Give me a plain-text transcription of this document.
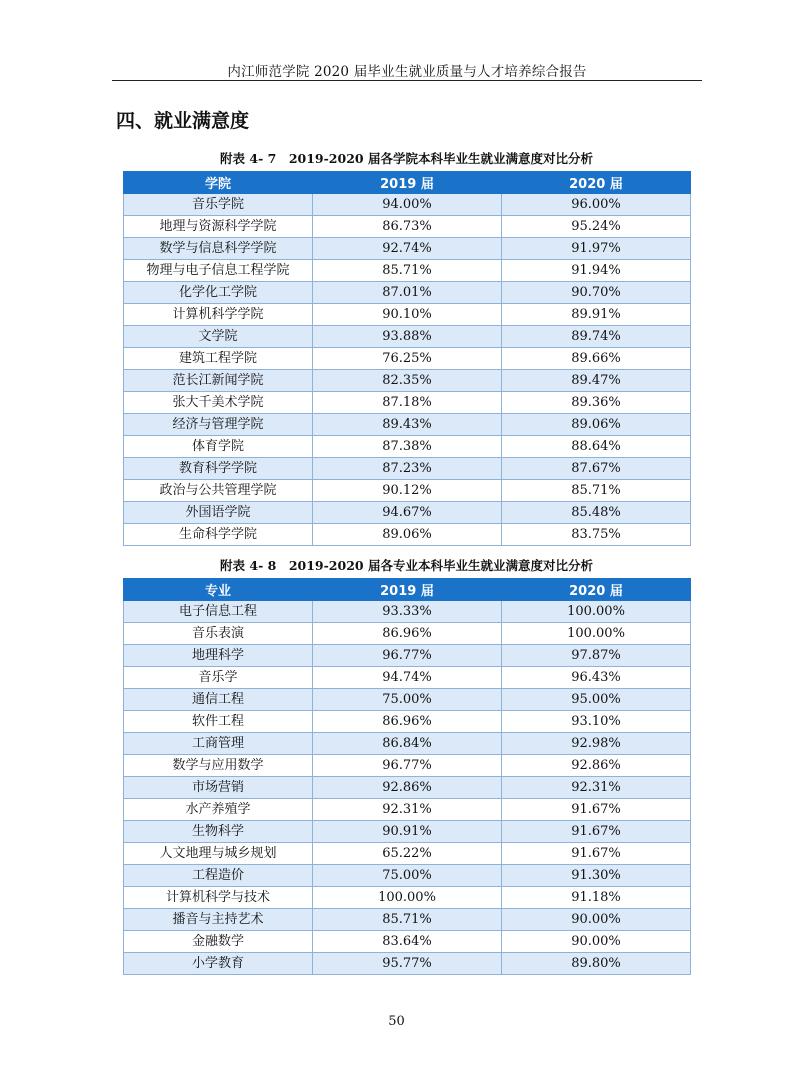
内江师范学院 2020 届毕业生就业质量与人才培养综合报告
四、就业满意度
附表 4- 7　2019-2020 届各学院本科毕业生就业满意度对比分析
学院	2019 届	2020 届
音乐学院	94.00%	96.00%
地理与资源科学学院	86.73%	95.24%
数学与信息科学学院	92.74%	91.97%
物理与电子信息工程学院	85.71%	91.94%
化学化工学院	87.01%	90.70%
计算机科学学院	90.10%	89.91%
文学院	93.88%	89.74%
建筑工程学院	76.25%	89.66%
范长江新闻学院	82.35%	89.47%
张大千美术学院	87.18%	89.36%
经济与管理学院	89.43%	89.06%
体育学院	87.38%	88.64%
教育科学学院	87.23%	87.67%
政治与公共管理学院	90.12%	85.71%
外国语学院	94.67%	85.48%
生命科学学院	89.06%	83.75%
附表 4- 8　2019-2020 届各专业本科毕业生就业满意度对比分析
专业	2019 届	2020 届
电子信息工程	93.33%	100.00%
音乐表演	86.96%	100.00%
地理科学	96.77%	97.87%
音乐学	94.74%	96.43%
通信工程	75.00%	95.00%
软件工程	86.96%	93.10%
工商管理	86.84%	92.98%
数学与应用数学	96.77%	92.86%
市场营销	92.86%	92.31%
水产养殖学	92.31%	91.67%
生物科学	90.91%	91.67%
人文地理与城乡规划	65.22%	91.67%
工程造价	75.00%	91.30%
计算机科学与技术	100.00%	91.18%
播音与主持艺术	85.71%	90.00%
金融数学	83.64%	90.00%
小学教育	95.77%	89.80%
50
